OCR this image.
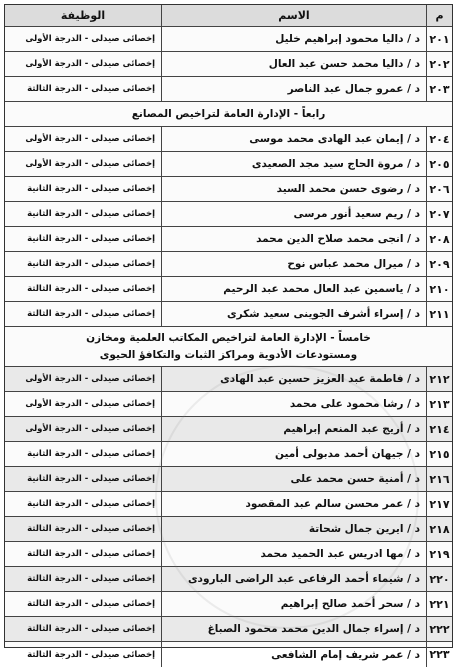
م
الاسم
الوظيفة
٢٠١
د / داليا محمود إبراهيم خليل
إخصائى صيدلى - الدرجة الأولى
٢٠٢
د / داليا محمد حسن عبد العال
إخصائى صيدلى - الدرجة الأولى
٢٠٣
د / عمرو جمال عبد الناصر
إخصائى صيدلى - الدرجة الثالثة
رابعاً - الإدارة العامة لتراخيص المصانع
٢٠٤
د / إيمان عبد الهادى محمد موسى
إخصائى صيدلى - الدرجة الأولى
٢٠٥
د / مروة الحاج سيد مجد الصعيدى
إخصائى صيدلى - الدرجة الأولى
٢٠٦
د / رضوى حسن محمد السيد
إخصائى صيدلى - الدرجة الثانية
٢٠٧
د / ريم سعيد أنور مرسى
إخصائى صيدلى - الدرجة الثانية
٢٠٨
د / انجى محمد صلاح الدين محمد
إخصائى صيدلى - الدرجة الثانية
٢٠٩
د / ميرال محمد عباس نوح
إخصائى صيدلى - الدرجة الثانية
٢١٠
د / ياسمين عبد العال محمد عبد الرحيم
إخصائى صيدلى - الدرجة الثالثة
٢١١
د / إسراء أشرف الجوينى سعيد شكرى
إخصائى صيدلى - الدرجة الثالثة
خامساً - الإدارة العامة لتراخيص المكاتب العلمية ومخازن
ومستودعات الأدوية ومراكز الثبات والتكافؤ الحيوى
٢١٢
د / فاطمة عبد العزيز حسين عبد الهادى
إخصائى صيدلى - الدرجة الأولى
٢١٣
د / رشا محمود على محمد
إخصائى صيدلى - الدرجة الأولى
٢١٤
د / أريج عبد المنعم إبراهيم
إخصائى صيدلى - الدرجة الأولى
٢١٥
د / جيهان أحمد مدبولى أمين
إخصائى صيدلى - الدرجة الثانية
٢١٦
د / أمنية حسن محمد على
إخصائى صيدلى - الدرجة الثانية
٢١٧
د / عمر محسن سالم عبد المقصود
إخصائى صيدلى - الدرجة الثانية
٢١٨
د / ايرين جمال شحاتة
إخصائى صيدلى - الدرجة الثالثة
٢١٩
د / مها ادريس عبد الحميد محمد
إخصائى صيدلى - الدرجة الثالثة
٢٢٠
د / شيماء أحمد الرفاعى عبد الراضى البارودى
إخصائى صيدلى - الدرجة الثالثة
٢٢١
د / سحر أحمد صالح إبراهيم
إخصائى صيدلى - الدرجة الثالثة
٢٢٢
د / إسراء جمال الدين محمد محمود الصباغ
إخصائى صيدلى - الدرجة الثالثة
٢٢٣
د / عمر شريف إمام الشافعى
إخصائى صيدلى - الدرجة الثالثة
